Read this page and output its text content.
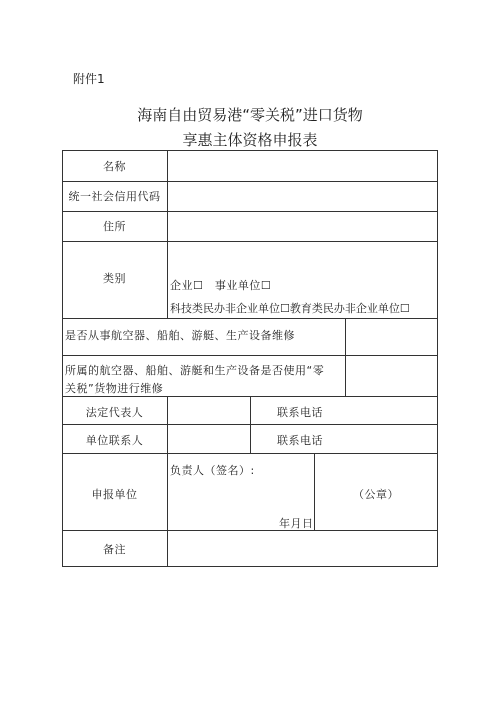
附件1
海南自由贸易港“零关税”进口货物
享惠主体资格申报表
名称
统一社会信用代码
住所
类别
企业☐　事业单位☐
科技类民办非企业单位☐教育类民办非企业单位☐
是否从事航空器、船舶、游艇、生产设备维修
所属的航空器、船舶、游艇和生产设备是否使用“零
关税”货物进行维修
法定代表人	联系电话
单位联系人	联系电话
申报单位
负责人（签名）:
年月日
（公章）
备注
